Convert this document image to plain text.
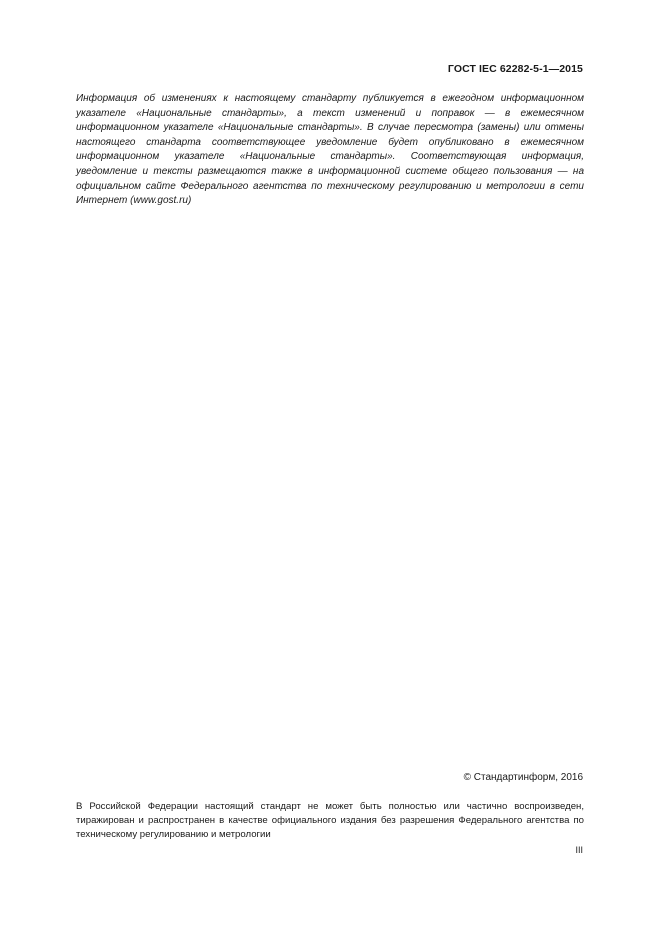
ГОСТ IEC 62282-5-1—2015

Информация об изменениях к настоящему стандарту публикуется в ежегодном информационном указателе «Национальные стандарты», а текст изменений и поправок — в ежемесячном информационном указателе «Национальные стандарты». В случае пересмотра (замены) или отмены настоящего стандарта соответствующее уведомление будет опубликовано в ежемесячном информационном указателе «Национальные стандарты». Соответствующая информация, уведомление и тексты размещаются также в информационной системе общего пользования — на официальном сайте Федерального агентства по техническому регулированию и метрологии в сети Интернет (www.gost.ru)

© Стандартинформ, 2016

В Российской Федерации настоящий стандарт не может быть полностью или частично воспроизведен, тиражирован и распространен в качестве официального издания без разрешения Федерального агентства по техническому регулированию и метрологии

III
